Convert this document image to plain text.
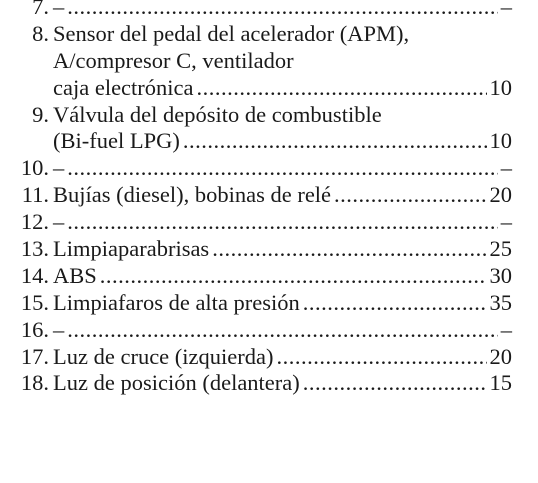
7. – .....	–
8. Sensor del pedal del acelerador (APM),
A/compresor C, ventilador
caja electrónica .....	10
9. Válvula del depósito de combustible
(Bi-fuel LPG) .....	10
10. – .....	–
11. Bujías (diesel), bobinas de relé .....	20
12. – .....	–
13. Limpiaparabrisas .....	25
14. ABS .....	30
15. Limpiafaros de alta presión .....	35
16. – .....	–
17. Luz de cruce (izquierda) .....	20
18. Luz de posición (delantera) .....	15
